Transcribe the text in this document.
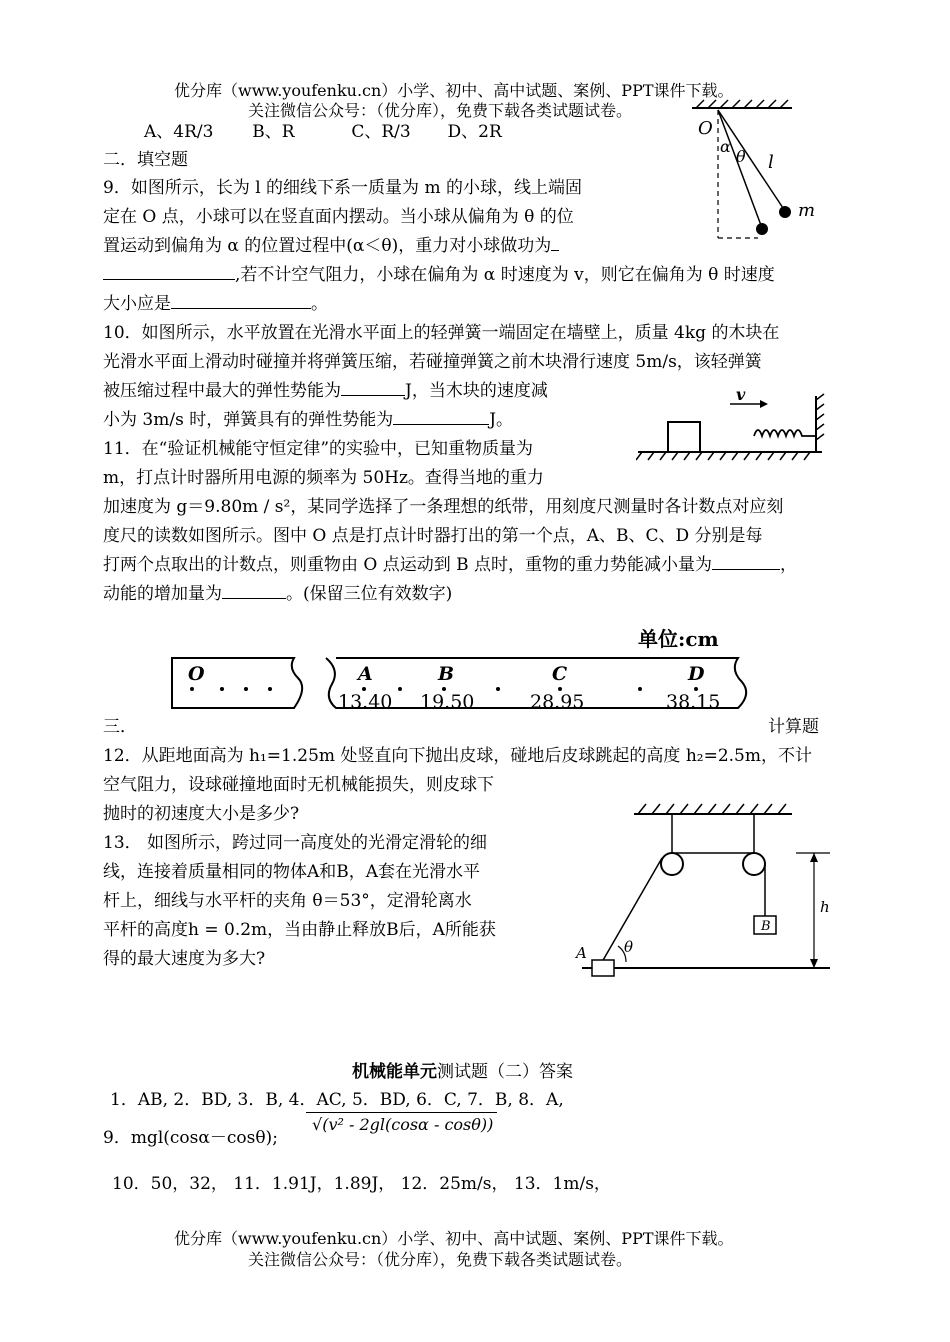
优分库（www.youfenku.cn）小学、初中、高中试题、案例、PPT课件下载。
关注微信公众号：（优分库），免费下载各类试题试卷。
A、4R/3 B、R	C、R/3 D、2R
二．填空题
9．如图所示，长为 l 的细线下系一质量为 m 的小球，线上端固
定在 O 点，小球可以在竖直面内摆动。当小球从偏角为 θ 的位
置运动到偏角为 α 的位置过程中(α＜θ)，重力对小球做功为
,若不计空气阻力，小球在偏角为 α 时速度为 v，则它在偏角为 θ 时速度
大小应是	。
O
α
θ l
m
10．如图所示，水平放置在光滑水平面上的轻弹簧一端固定在墙壁上，质量 4kg 的木块在
光滑水平面上滑动时碰撞并将弹簧压缩，若碰撞弹簧之前木块滑行速度 5m/s，该轻弹簧
被压缩过程中最大的弹性势能为	J，当木块的速度减
小为 3m/s 时，弹簧具有的弹性势能为	J。
v
11．在“验证机械能守恒定律”的实验中，已知重物质量为
m，打点计时器所用电源的频率为 50Hz。查得当地的重力
加速度为 g＝9.80m / s²，某同学选择了一条理想的纸带，用刻度尺测量时各计数点对应刻
度尺的读数如图所示。图中 O 点是打点计时器打出的第一个点，A、B、C、D 分别是每
打两个点取出的计数点，则重物由 O 点运动到 B 点时，重物的重力势能减小量为	，
动能的增加量为	。(保留三位有效数字)
单位:cm
O	A	B	C	D
13.40 19.50	28.95	38.15
三．	计算题
12．从距地面高为 h₁=1.25m 处竖直向下抛出皮球，碰地后皮球跳起的高度 h₂=2.5m，不计
空气阻力，设球碰撞地面时无机械能损失，则皮球下
抛时的初速度大小是多少?
13． 如图所示，跨过同一高度处的光滑定滑轮的细
线，连接着质量相同的物体A和B，A套在光滑水平
杆上，细线与水平杆的夹角 θ＝53°，定滑轮离水
平杆的高度h = 0.2m，当由静止释放B后，A所能获
得的最大速度为多大?
B
A θ
h
机械能单元测试题（二）答案
1．AB, 2．BD, 3．B, 4．AC, 5．BD, 6．C, 7．B, 8．A,
9．mgl(cosα－cosθ);
√(v² - 2gl(cosα - cosθ))
10．50，32， 11．1.91J，1.89J， 12．25m/s， 13．1m/s，
优分库（www.youfenku.cn）小学、初中、高中试题、案例、PPT课件下载。
关注微信公众号：（优分库），免费下载各类试题试卷。
